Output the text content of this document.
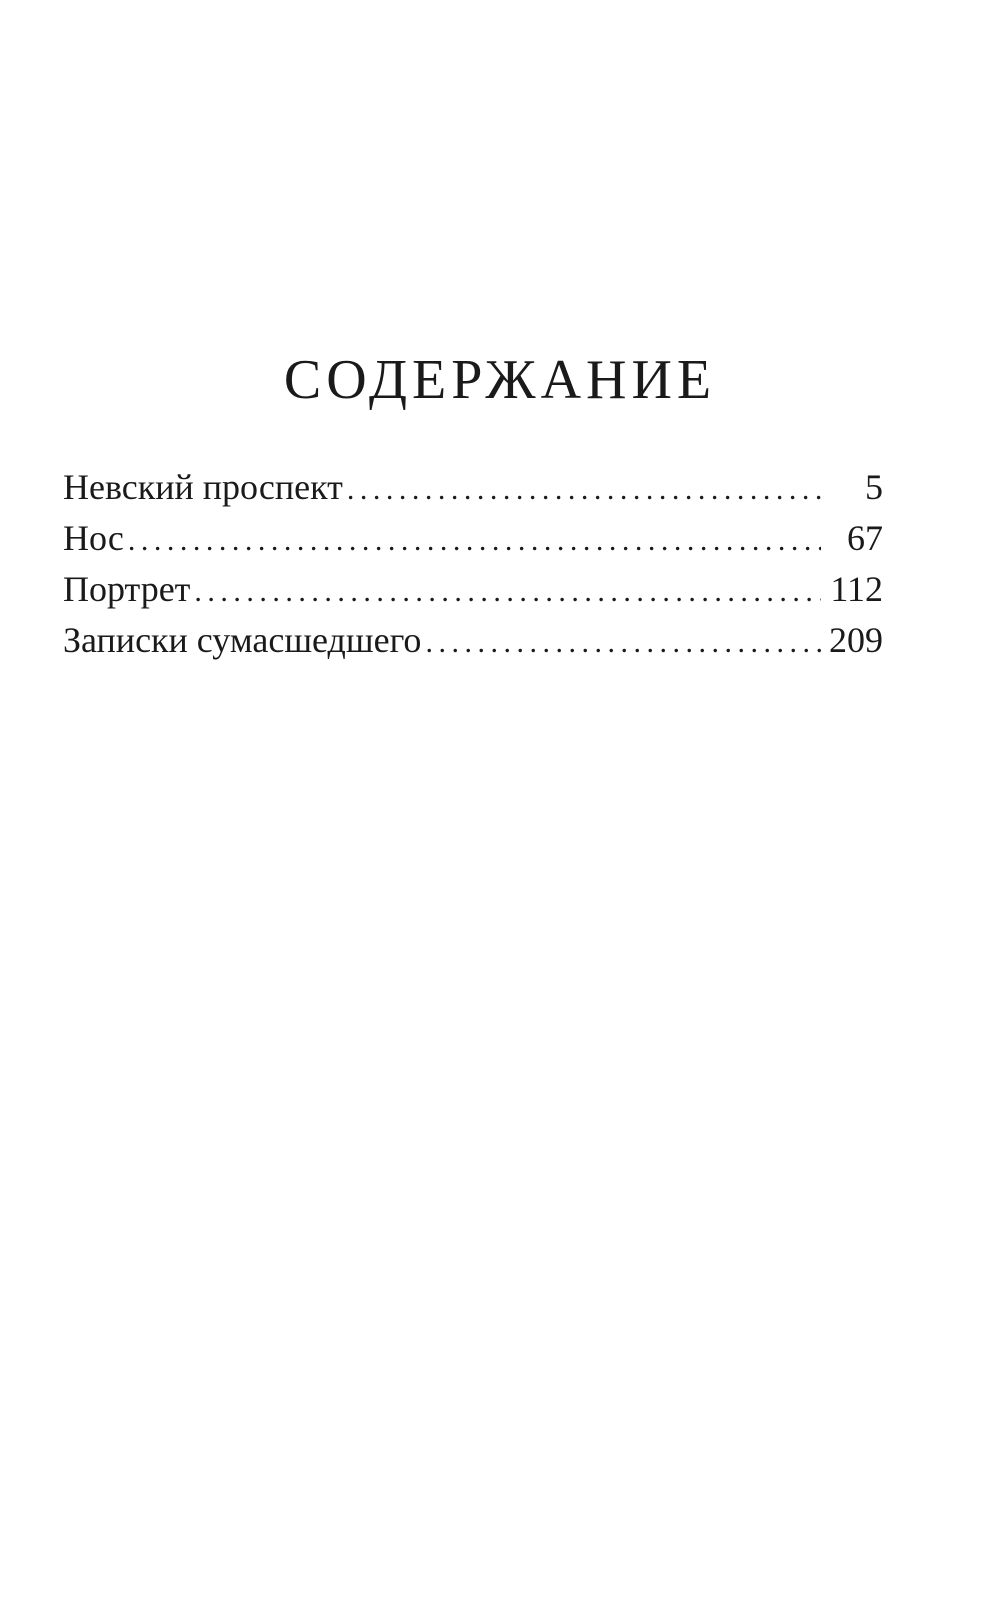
СОДЕРЖАНИЕ
Невский проспект . . .	5
Нос . . .	67
Портрет . . .	112
Записки сумасшедшего . . .	209
